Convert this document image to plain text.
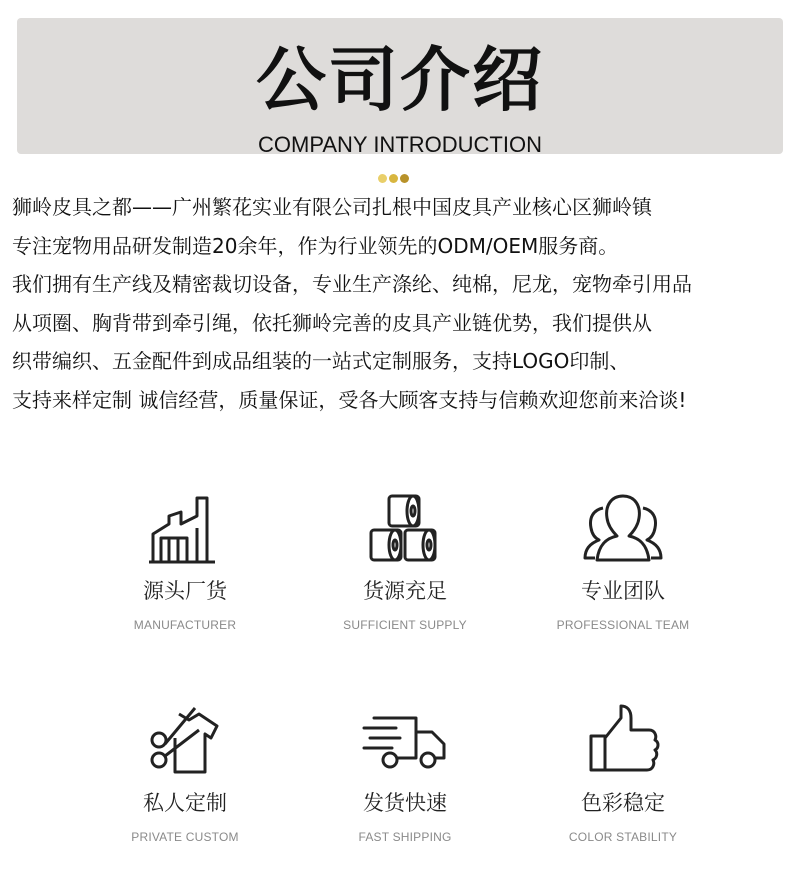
公司介绍
COMPANY INTRODUCTION
狮岭皮具之都——广州繁花实业有限公司扎根中国皮具产业核心区狮岭镇
专注宠物用品研发制造20余年，作为行业领先的ODM/OEM服务商。
我们拥有生产线及精密裁切设备，专业生产涤纶、纯棉，尼龙，宠物牵引用品
从项圈、胸背带到牵引绳，依托狮岭完善的皮具产业链优势，我们提供从
织带编织、五金配件到成品组装的一站式定制服务，支持LOGO印制、
支持来样定制 诚信经营，质量保证，受各大顾客支持与信赖欢迎您前来洽谈!
源头厂货
MANUFACTURER
货源充足
SUFFICIENT SUPPLY
专业团队
PROFESSIONAL TEAM
私人定制
PRIVATE CUSTOM
发货快速
FAST SHIPPING
色彩稳定
COLOR STABILITY
